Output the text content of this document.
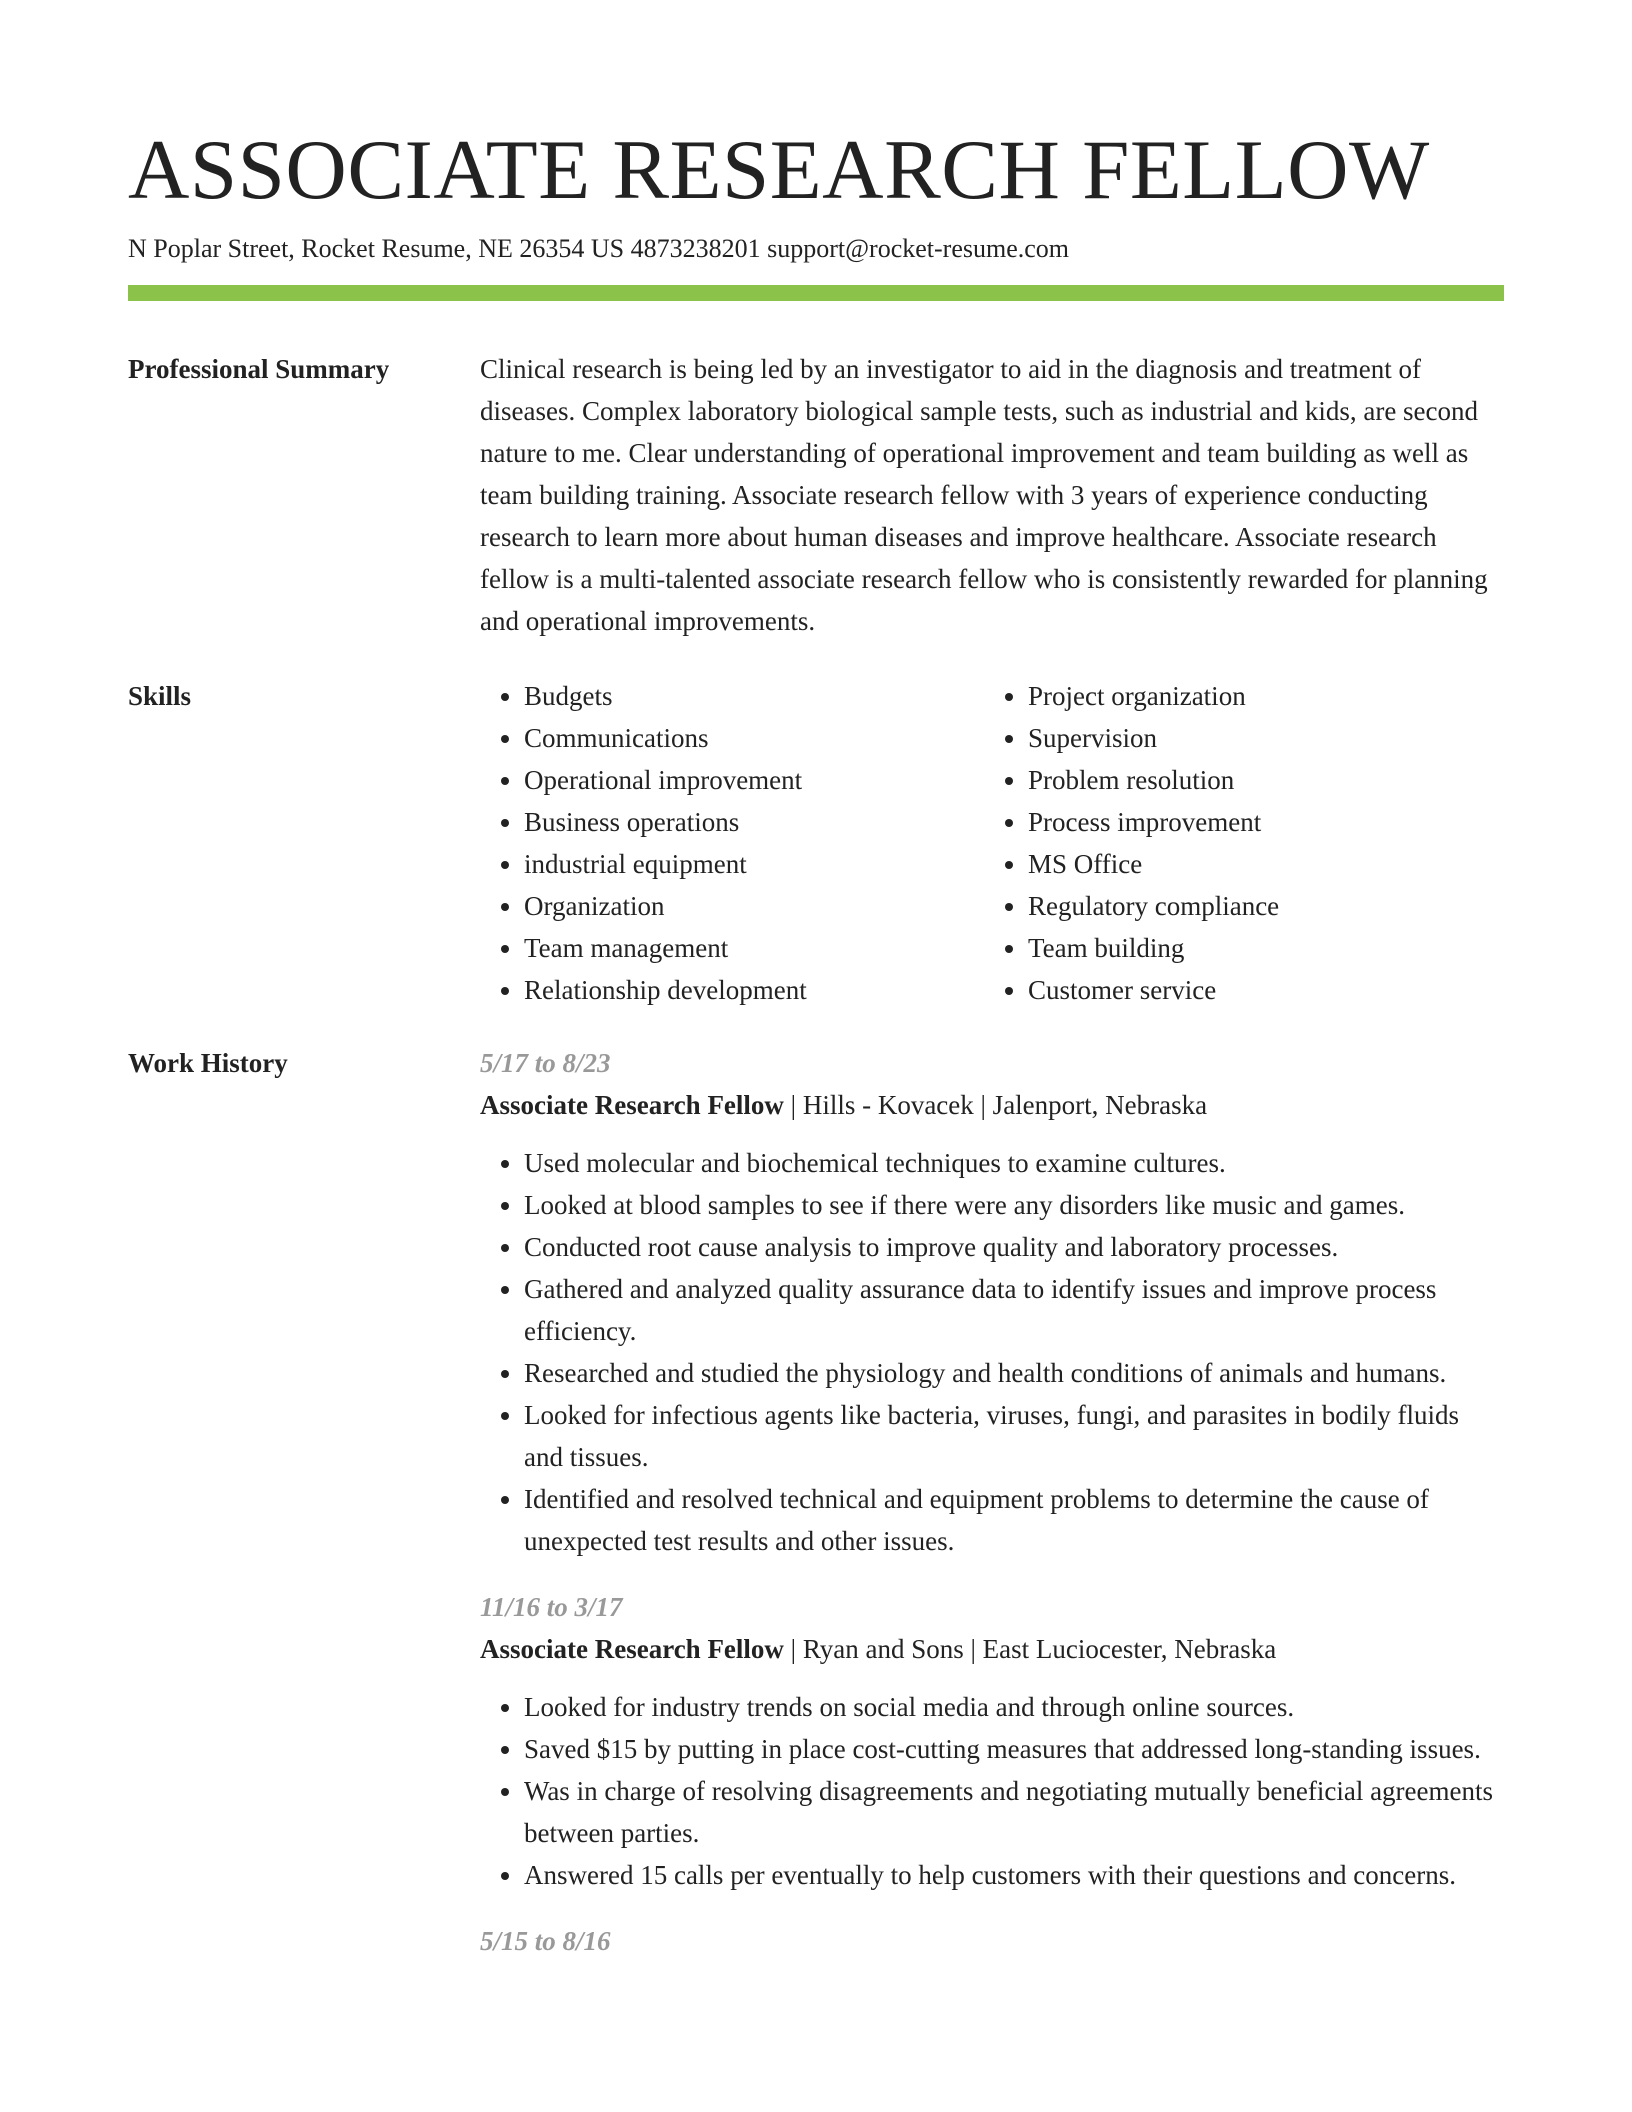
ASSOCIATE RESEARCH FELLOW
N Poplar Street, Rocket Resume, NE 26354 US 4873238201 support@rocket-resume.com
Professional Summary	Clinical research is being led by an investigator to aid in the diagnosis and treatment of diseases. Complex laboratory biological sample tests, such as industrial and kids, are second nature to me. Clear understanding of operational improvement and team building as well as team building training. Associate research fellow with 3 years of experience conducting research to learn more about human diseases and improve healthcare. Associate research fellow is a multi-talented associate research fellow who is consistently rewarded for planning and operational improvements.

Skills
•	Budgets
• Communications
• Operational improvement
• Business operations
• industrial equipment
• Organization
• Team management
• Relationship development
• Project organization
• Supervision
• Problem resolution
• Process improvement
• MS Office
• Regulatory compliance
• Team building
• Customer service
Work History	5/17 to 8/23
Associate Research Fellow | Hills - Kovacek | Jalenport, Nebraska
• Used molecular and biochemical techniques to examine cultures.
• Looked at blood samples to see if there were any disorders like music and games.
• Conducted root cause analysis to improve quality and laboratory processes.
• Gathered and analyzed quality assurance data to identify issues and improve process efficiency.
• Researched and studied the physiology and health conditions of animals and humans.
• Looked for infectious agents like bacteria, viruses, fungi, and parasites in bodily fluids and tissues.
• Identified and resolved technical and equipment problems to determine the cause of unexpected test results and other issues.
11/16 to 3/17
Associate Research Fellow | Ryan and Sons | East Luciocester, Nebraska
• Looked for industry trends on social media and through online sources.
• Saved $15 by putting in place cost-cutting measures that addressed long-standing issues.
• Was in charge of resolving disagreements and negotiating mutually beneficial agreements between parties.
• Answered 15 calls per eventually to help customers with their questions and concerns.
5/15 to 8/16
